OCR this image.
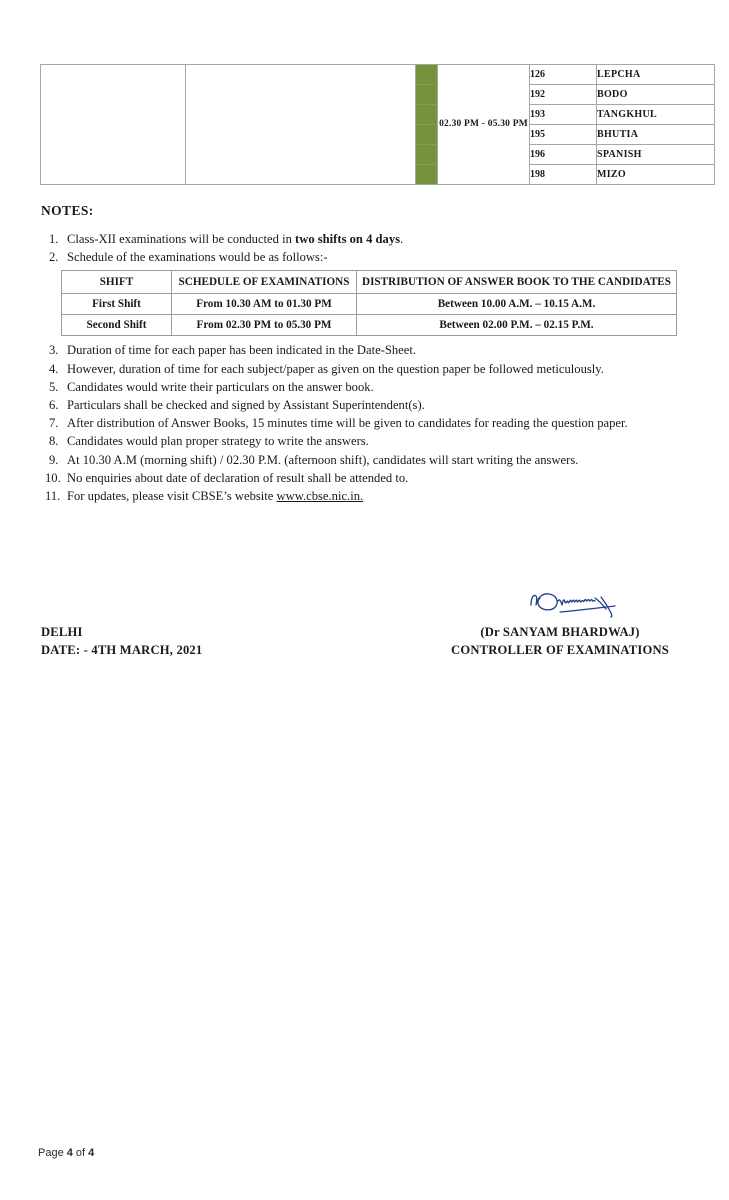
			02.30 PM - 05.30 PM	126	LEPCHA
				192	BODO
				193	TANGKHUL
				195	BHUTIA
				196	SPANISH
				198	MIZO
NOTES:
1. Class-XII examinations will be conducted in two shifts on 4 days.
2. Schedule of the examinations would be as follows:-
SHIFT	SCHEDULE OF EXAMINATIONS	DISTRIBUTION OF ANSWER BOOK TO THE CANDIDATES
First Shift	From 10.30 AM to 01.30 PM	Between 10.00 A.M. – 10.15 A.M.
Second Shift	From 02.30 PM to 05.30 PM	Between 02.00 P.M. – 02.15 P.M.
3. Duration of time for each paper has been indicated in the Date-Sheet.
4. However, duration of time for each subject/paper as given on the question paper be followed meticulously.
5. Candidates would write their particulars on the answer book.
6. Particulars shall be checked and signed by Assistant Superintendent(s).
7. After distribution of Answer Books, 15 minutes time will be given to candidates for reading the question paper.
8. Candidates would plan proper strategy to write the answers.
9. At 10.30 A.M (morning shift) / 02.30 P.M. (afternoon shift), candidates will start writing the answers.
10. No enquiries about date of declaration of result shall be attended to.
11. For updates, please visit CBSE’s website www.cbse.nic.in.
DELHI
DATE: - 4TH MARCH, 2021
(Dr SANYAM BHARDWAJ)
CONTROLLER OF EXAMINATIONS
Page 4 of 4
